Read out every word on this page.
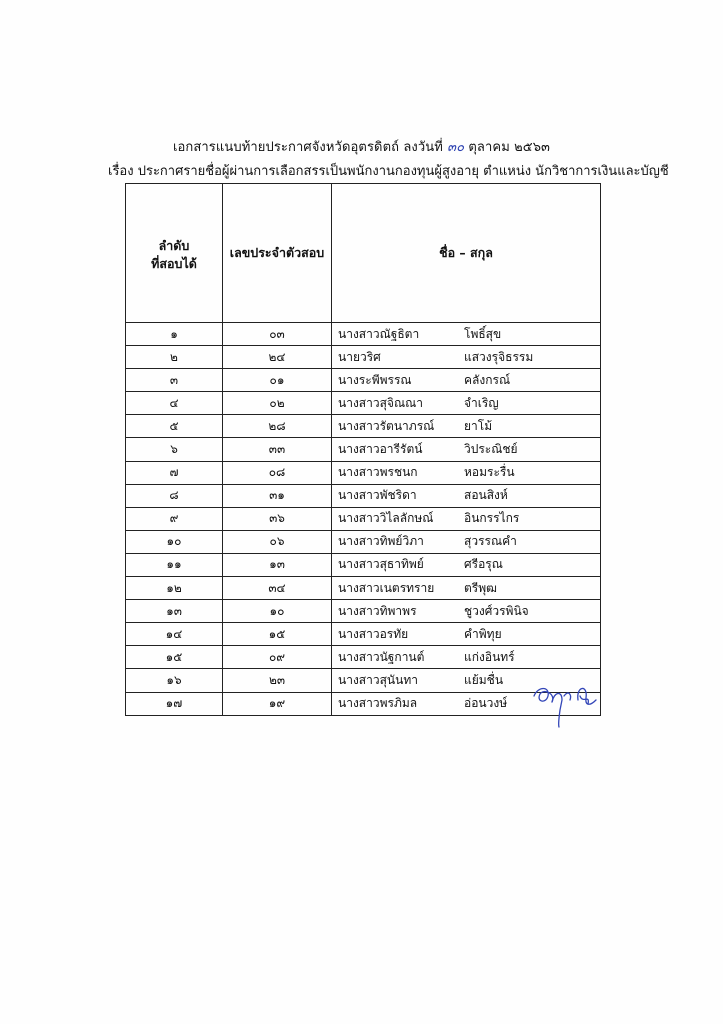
เอกสารแนบท้ายประกาศจังหวัดอุตรดิตถ์ ลงวันที่ ๓๐ ตุลาคม ๒๕๖๓
เรื่อง ประกาศรายชื่อผู้ผ่านการเลือกสรรเป็นพนักงานกองทุนผู้สูงอายุ ตำแหน่ง นักวิชาการเงินและบัญชี
ลำดับ
ที่สอบได้	เลขประจำตัวสอบ	ชื่อ – สกุล

๑	๐๓	นางสาวณัฐธิตา โพธิ์สุข

๒	๒๔	นายวริศ แสวงรุจิธรรม

๓	๐๑	นางระพีพรรณ คลังกรณ์

๔	๐๒	นางสาวสุจิณณา จำเริญ

๕	๒๘	นางสาวรัตนาภรณ์ ยาโม้

๖	๓๓	นางสาวอารีรัตน์ วิประณิชย์

๗	๐๘	นางสาวพรชนก หอมระรื่น

๘	๓๑	นางสาวพัชริดา สอนสิงห์

๙	๓๖	นางสาววิไลลักษณ์ อินกรรไกร

๑๐	๐๖	นางสาวทิพย์วิภา สุวรรณคำ

๑๑	๑๓	นางสาวสุธาทิพย์ ศรีอรุณ

๑๒	๓๔	นางสาวเนตรทราย ตรีพุฒ

๑๓	๑๐	นางสาวทิพาพร ชูวงศ์วรพินิจ

๑๔	๑๕	นางสาวอรทัย คำพิทุย

๑๕	๐๙	นางสาวนัฐกานต์ แก่งอินทร์

๑๖	๒๓	นางสาวสุนันทา แย้มชื่น

๑๗	๑๙	นางสาวพรภิมล อ่อนวงษ์
